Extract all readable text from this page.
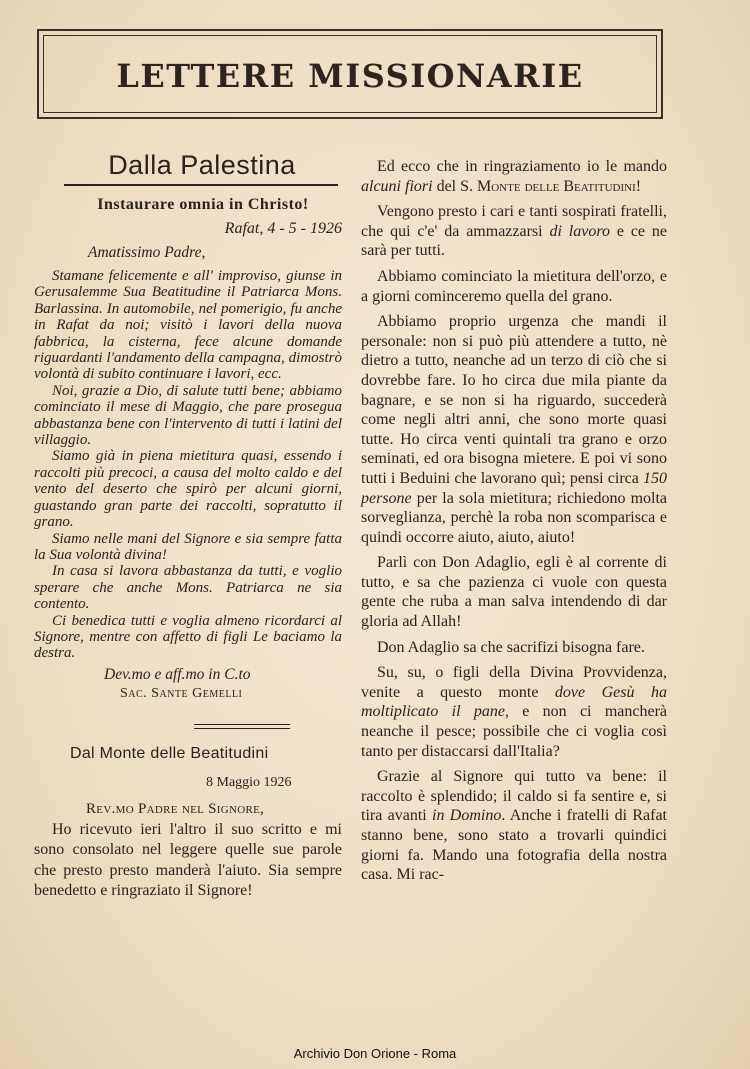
LETTERE MISSIONARIE
Dalla Palestina
Instaurare omnia in Christo!
Rafat, 4 - 5 - 1926
Amatissimo Padre,

Stamane felicemente e all' improviso, giunse in Gerusalemme Sua Beatitudine il Patriarca Mons. Barlassina. In automobile, nel pomerigio, fu anche in Rafat da noi; visitò i lavori della nuova fabbrica, la cisterna, fece alcune domande riguardanti l'andamento della campagna, dimostrò volontà di subito continuare i lavori, ecc.

Noi, grazie a Dio, di salute tutti bene; abbiamo cominciato il mese di Maggio, che pare prosegua abbastanza bene con l'intervento di tutti i latini del villaggio.

Siamo già in piena mietitura quasi, essendo i raccolti più precoci, a causa del molto caldo e del vento del deserto che spirò per alcuni giorni, guastando gran parte dei raccolti, sopratutto il grano.

Siamo nelle mani del Signore e sia sempre fatta la Sua volontà divina!

In casa si lavora abbastanza da tutti, e voglio sperare che anche Mons. Patriarca ne sia contento.

Ci benedica tutti e voglia almeno ricordarci al Signore, mentre con affetto di figli Le baciamo la destra.

Dev.mo e aff.mo in C.to
Sac. Sante Gemelli
Dal Monte delle Beatitudini
8 Maggio 1926
Rev.mo Padre nel Signore,

Ho ricevuto ieri l'altro il suo scritto e mi sono consolato nel leggere quelle sue parole che presto presto manderà l'aiuto. Sia sempre benedetto e ringraziato il Signore!

Ed ecco che in ringraziamento io le mando alcuni fiori del S. Monte delle Beatitudini!

Vengono presto i cari e tanti sospirati fratelli, che qui c'e' da ammazzarsi di lavoro e ce ne sarà per tutti.

Abbiamo cominciato la mietitura dell'orzo, e a giorni cominceremo quella del grano.

Abbiamo proprio urgenza che mandi il personale: non si può più attendere a tutto, nè dietro a tutto, neanche ad un terzo di ciò che si dovrebbe fare. Io ho circa due mila piante da bagnare, e se non si ha riguardo, succederà come negli altri anni, che sono morte quasi tutte. Ho circa venti quintali tra grano e orzo seminati, ed ora bisogna mietere. E poi vi sono tutti i Beduini che lavorano quì; pensi circa 150 persone per la sola mietitura; richiedono molta sorveglianza, perchè la roba non scomparisca e quindi occorre aiuto, aiuto, aiuto!

Parlì con Don Adaglio, egli è al corrente di tutto, e sa che pazienza ci vuole con questa gente che ruba a man salva intendendo di dar gloria ad Allah!

Don Adaglio sa che sacrifizi bisogna fare.

Su, su, o figli della Divina Provvidenza, venite a questo monte dove Gesù ha moltiplicato il pane, e non ci mancherà neanche il pesce; possibile che ci voglia così tanto per distaccarsi dall'Italia?

Grazie al Signore qui tutto va bene: il raccolto è splendido; il caldo si fa sentire e, si tira avanti in Domino. Anche i fratelli di Rafat stanno bene, sono stato a trovarli quindici giorni fa. Mando una fotografia della nostra casa. Mi rac-

Archivio Don Orione - Roma
